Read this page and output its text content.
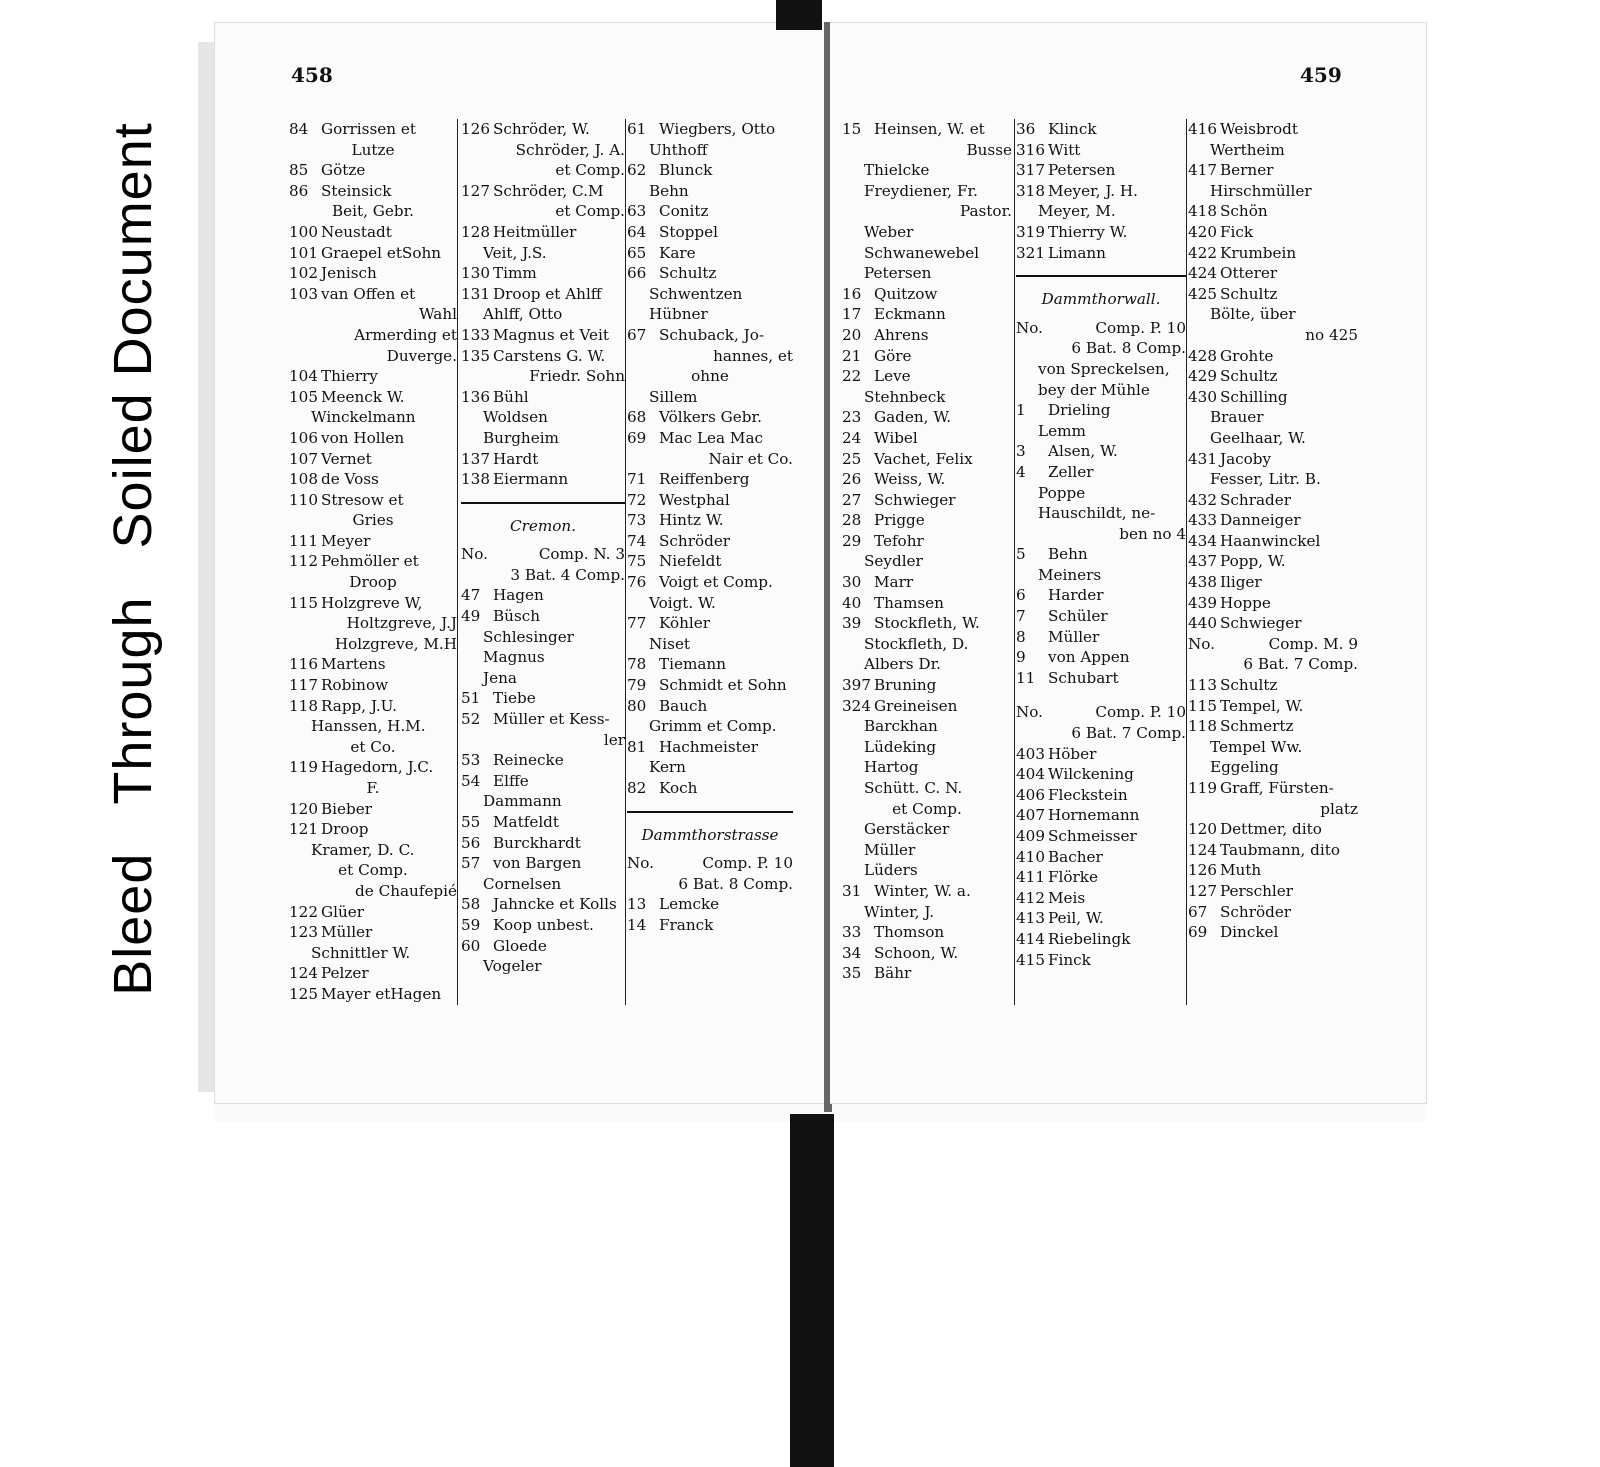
Bleed Through Soiled Document
458
84 Gorrissen et
Lutze
85 Götze
86 Steinsick
Beit, Gebr.
100 Neustadt
101 Graepel etSohn
102 Jenisch
103 van Offen et
Wahl
Armerding et
Duverge.
104 Thierry
105 Meenck W.
Winckelmann
106 von Hollen
107 Vernet
108 de Voss
110 Stresow et
Gries
111 Meyer
112 Pehmöller et
Droop
115 Holzgreve W,
Holtzgreve, J.J
Holzgreve, M.H
116 Martens
117 Robinow
118 Rapp, J.U.
Hanssen, H.M.
et Co.
119 Hagedorn, J.C.
F.
120 Bieber
121 Droop
Kramer, D. C.
et Comp.
de Chaufepié
122 Glüer
123 Müller
Schnittler W.
124 Pelzer
125 Mayer etHagen
126 Schröder, W.
Schröder, J. A.
et Comp.
127 Schröder, C.M
et Comp.
128 Heitmüller
Veit, J.S.
130 Timm
131 Droop et Ahlff
Ahlff, Otto
133 Magnus et Veit
135 Carstens G. W.
Friedr. Sohn
136 Bühl
Woldsen
Burgheim
137 Hardt
138 Eiermann
Cremon.
No.	Comp. N. 3
3 Bat. 4 Comp.
47 Hagen
49 Büsch
Schlesinger
Magnus
Jena
51 Tiebe
52 Müller et Kess-
ler
53 Reinecke
54 Elffe
Dammann
55 Matfeldt
56 Burckhardt
57 von Bargen
Cornelsen
58 Jahncke et Kolls
59 Koop unbest.
60 Gloede
Vogeler
61 Wiegbers, Otto
Uhthoff
62 Blunck
Behn
63 Conitz
64 Stoppel
65 Kare
66 Schultz
Schwentzen
Hübner
67 Schuback, Jo-
hannes, et
ohne
Sillem
68 Völkers Gebr.
69 Mac Lea Mac
Nair et Co.
71 Reiffenberg
72 Westphal
73 Hintz W.
74 Schröder
75 Niefeldt
76 Voigt et Comp.
Voigt. W.
77 Köhler
Niset
78 Tiemann
79 Schmidt et Sohn
80 Bauch
Grimm et Comp.
81 Hachmeister
Kern
82 Koch
Dammthorstrasse
No.	Comp. P. 10
6 Bat. 8 Comp.
13 Lemcke
14 Franck
459
15 Heinsen, W. et
Busse
Thielcke
Freydiener, Fr.
Pastor.
Weber
Schwanewebel
Petersen
16 Quitzow
17 Eckmann
20 Ahrens
21 Göre
22 Leve
Stehnbeck
23 Gaden, W.
24 Wibel
25 Vachet, Felix
26 Weiss, W.
27 Schwieger
28 Prigge
29 Tefohr
Seydler
30 Marr
40 Thamsen
39 Stockfleth, W.
Stockfleth, D.
Albers Dr.
397 Bruning
324 Greineisen
Barckhan
Lüdeking
Hartog
Schütt. C. N.
et Comp.
Gerstäcker
Müller
Lüders
31 Winter, W. a.
Winter, J.
33 Thomson
34 Schoon, W.
35 Bähr
36 Klinck
316 Witt
317 Petersen
318 Meyer, J. H.
Meyer, M.
319 Thierry W.
321 Limann
Dammthorwall.
No.	Comp. P. 10
6 Bat. 8 Comp.
von Spreckelsen,
bey der Mühle
1 Drieling
Lemm
3 Alsen, W.
4 Zeller
Poppe
Hauschildt, ne-
ben no 4
5 Behn
Meiners
6 Harder
7 Schüler
8 Müller
9 von Appen
11 Schubart
No.	Comp. P. 10
6 Bat. 7 Comp.
403 Höber
404 Wilckening
406 Fleckstein
407 Hornemann
409 Schmeisser
410 Bacher
411 Flörke
412 Meis
413 Peil, W.
414 Riebelingk
415 Finck
416 Weisbrodt
Wertheim
417 Berner
Hirschmüller
418 Schön
420 Fick
422 Krumbein
424 Otterer
425 Schultz
Bölte, über
no 425
428 Grohte
429 Schultz
430 Schilling
Brauer
Geelhaar, W.
431 Jacoby
Fesser, Litr. B.
432 Schrader
433 Danneiger
434 Haanwinckel
437 Popp, W.
438 Iliger
439 Hoppe
440 Schwieger
No.	Comp. M. 9
6 Bat. 7 Comp.
113 Schultz
115 Tempel, W.
118 Schmertz
Tempel Ww.
Eggeling
119 Graff, Fürsten-
platz
120 Dettmer, dito
124 Taubmann, dito
126 Muth
127 Perschler
67 Schröder
69 Dinckel
